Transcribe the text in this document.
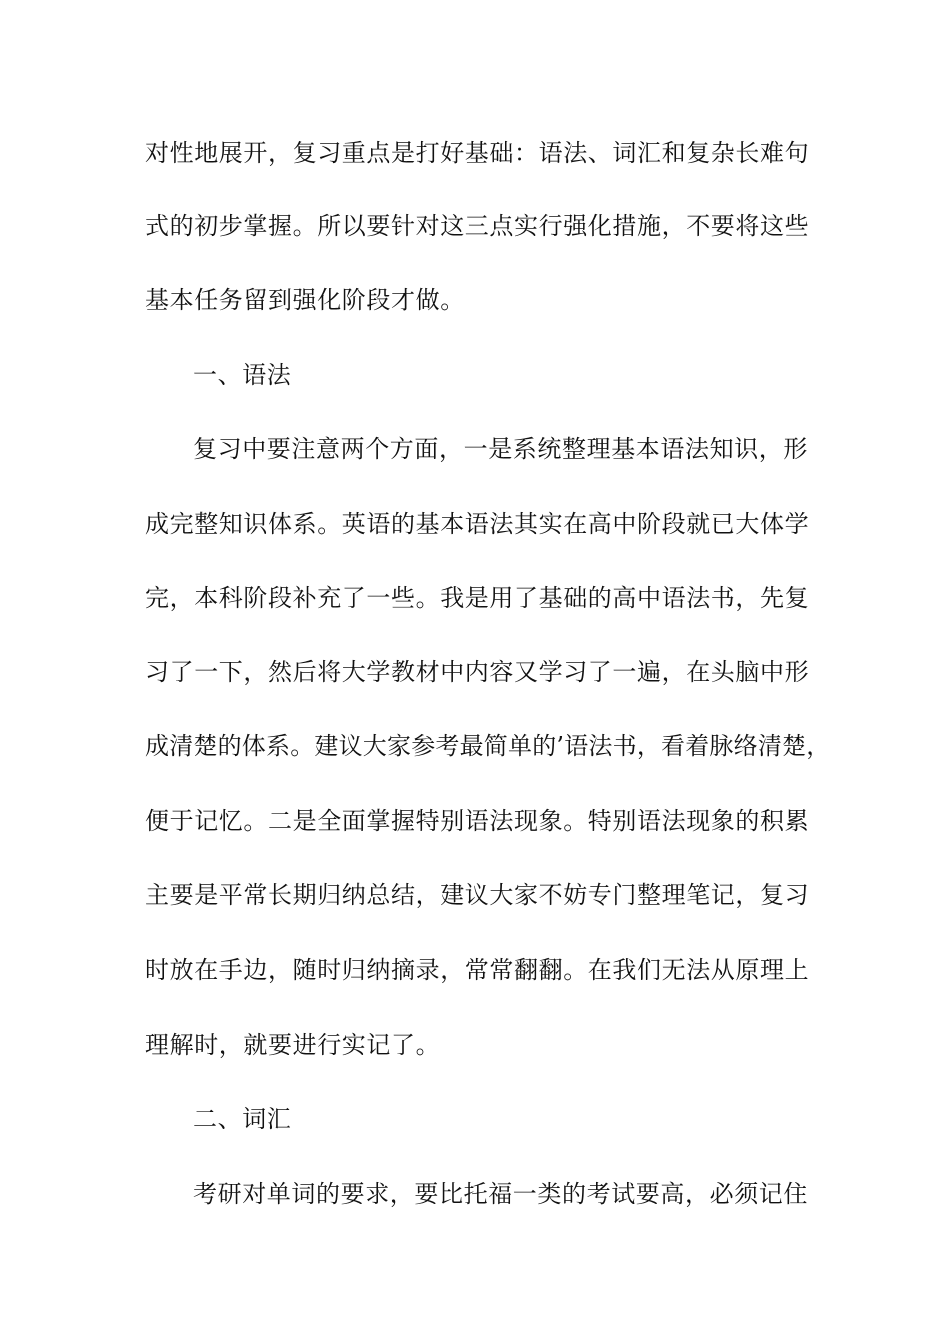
对性地展开，复习重点是打好基础：语法、词汇和复杂长难句
式的初步掌握。所以要针对这三点实行强化措施，不要将这些
基本任务留到强化阶段才做。
一、语法
复习中要注意两个方面，一是系统整理基本语法知识，形
成完整知识体系。英语的基本语法其实在高中阶段就已大体学
完，本科阶段补充了一些。我是用了基础的高中语法书，先复
习了一下，然后将大学教材中内容又学习了一遍，在头脑中形
成清楚的体系。建议大家参考最简单的’语法书，看着脉络清楚，
便于记忆。二是全面掌握特别语法现象。特别语法现象的积累
主要是平常长期归纳总结，建议大家不妨专门整理笔记，复习
时放在手边，随时归纳摘录，常常翻翻。在我们无法从原理上
理解时，就要进行实记了。
二、词汇
考研对单词的要求，要比托福一类的考试要高，必须记住
